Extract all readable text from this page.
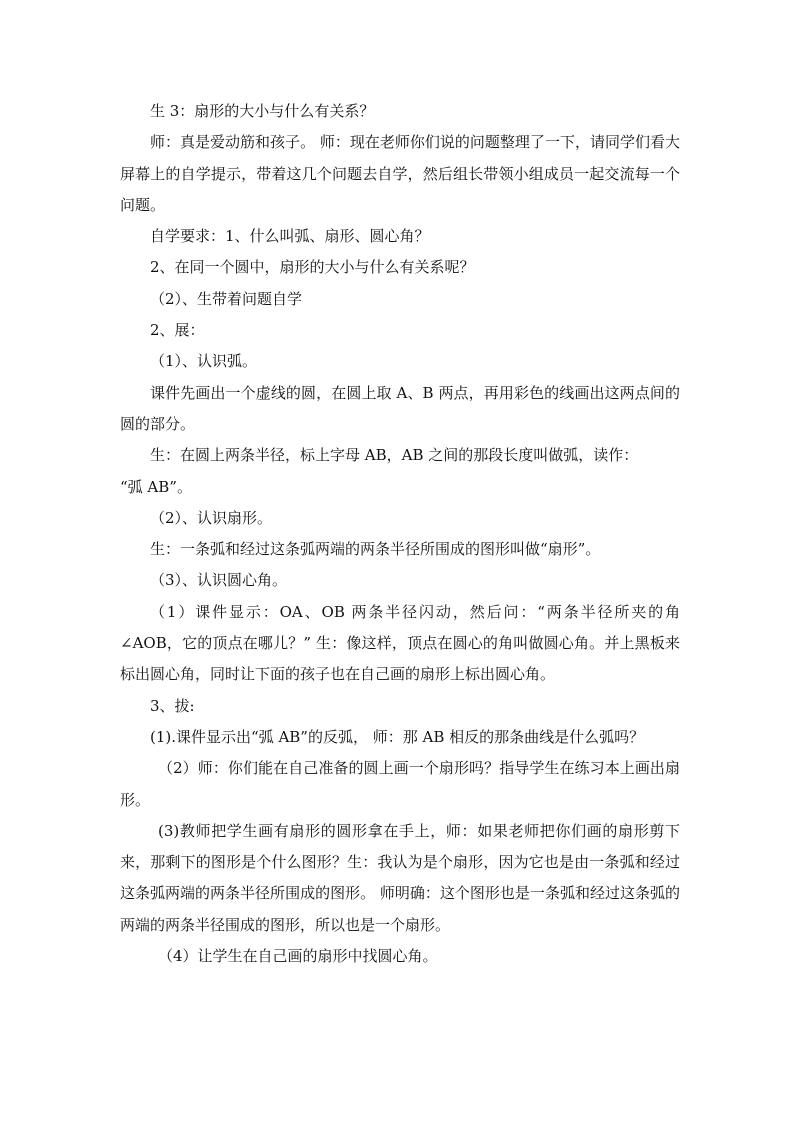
生 3：扇形的大小与什么有关系？

师：真是爱动筋和孩子。 师：现在老师你们说的问题整理了一下，请同学们看大屏幕上的自学提示，带着这几个问题去自学，然后组长带领小组成员一起交流每一个问题。

自学要求：1、什么叫弧、扇形、圆心角？

2、在同一个圆中，扇形的大小与什么有关系呢？

（2）、生带着问题自学

2、展：

（1）、认识弧。

课件先画出一个虚线的圆，在圆上取 A、B 两点，再用彩色的线画出这两点间的圆的部分。

生：在圆上两条半径，标上字母 AB，AB 之间的那段长度叫做弧，读作：

“弧 AB”。

（2）、认识扇形。

生：一条弧和经过这条弧两端的两条半径所围成的图形叫做“扇形”。

（3）、认识圆心角。

（1）课件显示：OA、OB 两条半径闪动，然后问：“两条半径所夹的角∠AOB，它的顶点在哪儿？” 生：像这样，顶点在圆心的角叫做圆心角。并上黑板来标出圆心角，同时让下面的孩子也在自己画的扇形上标出圆心角。

3、拔:

(1).课件显示出“弧 AB”的反弧， 师：那 AB 相反的那条曲线是什么弧吗？

（2）师：你们能在自己准备的圆上画一个扇形吗？指导学生在练习本上画出扇形。

(3)教师把学生画有扇形的圆形拿在手上，师：如果老师把你们画的扇形剪下来，那剩下的图形是个什么图形？生：我认为是个扇形，因为它也是由一条弧和经过这条弧两端的两条半径所围成的图形。 师明确：这个图形也是一条弧和经过这条弧的两端的两条半径围成的图形，所以也是一个扇形。

（4）让学生在自己画的扇形中找圆心角。
